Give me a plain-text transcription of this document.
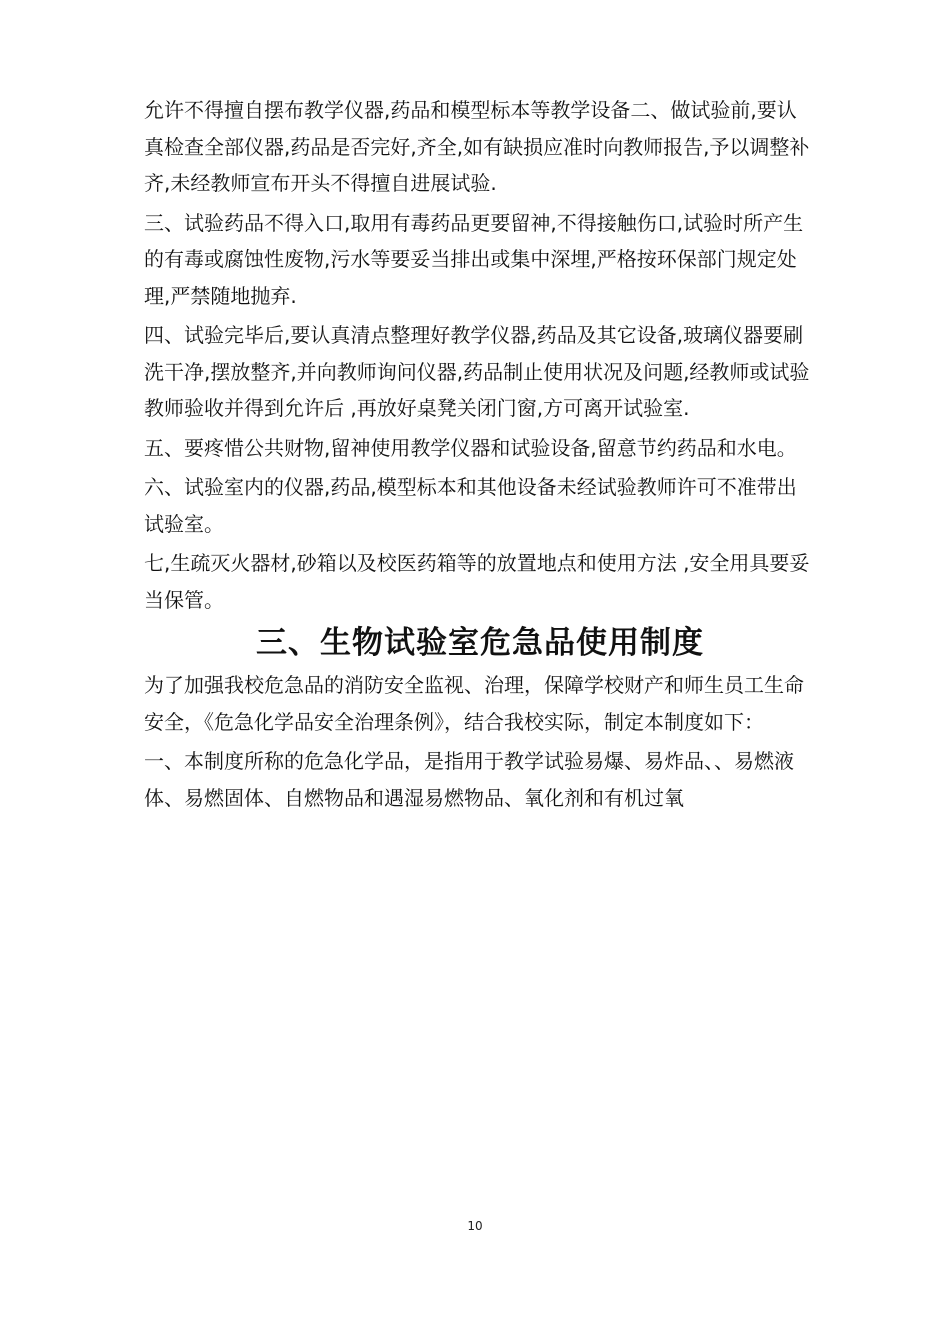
允许不得擅自摆布教学仪器,药品和模型标本等教学设备二、做试验前,要认真检查全部仪器,药品是否完好,齐全,如有缺损应准时向教师报告,予以调整补齐,未经教师宣布开头不得擅自进展试验.

三、试验药品不得入口,取用有毒药品更要留神,不得接触伤口,试验时所产生的有毒或腐蚀性废物,污水等要妥当排出或集中深埋,严格按环保部门规定处理,严禁随地抛弃.

四、试验完毕后,要认真清点整理好教学仪器,药品及其它设备,玻璃仪器要刷洗干净,摆放整齐,并向教师询问仪器,药品制止使用状况及问题,经教师或试验教师验收并得到允许后 ,再放好桌凳关闭门窗,方可离开试验室.

五、要疼惜公共财物,留神使用教学仪器和试验设备,留意节约药品和水电。

六、试验室内的仪器,药品,模型标本和其他设备未经试验教师许可不准带出试验室。

七,生疏灭火器材,砂箱以及校医药箱等的放置地点和使用方法 ,安全用具要妥当保管。

三、生物试验室危急品使用制度

为了加强我校危急品的消防安全监视、治理，保障学校财产和师生员工生命安全，《危急化学品安全治理条例》，结合我校实际，制定本制度如下：

一、本制度所称的危急化学品，是指用于教学试验易爆、易炸品、、易燃液体、易燃固体、自燃物品和遇湿易燃物品、氧化剂和有机过氧

10
